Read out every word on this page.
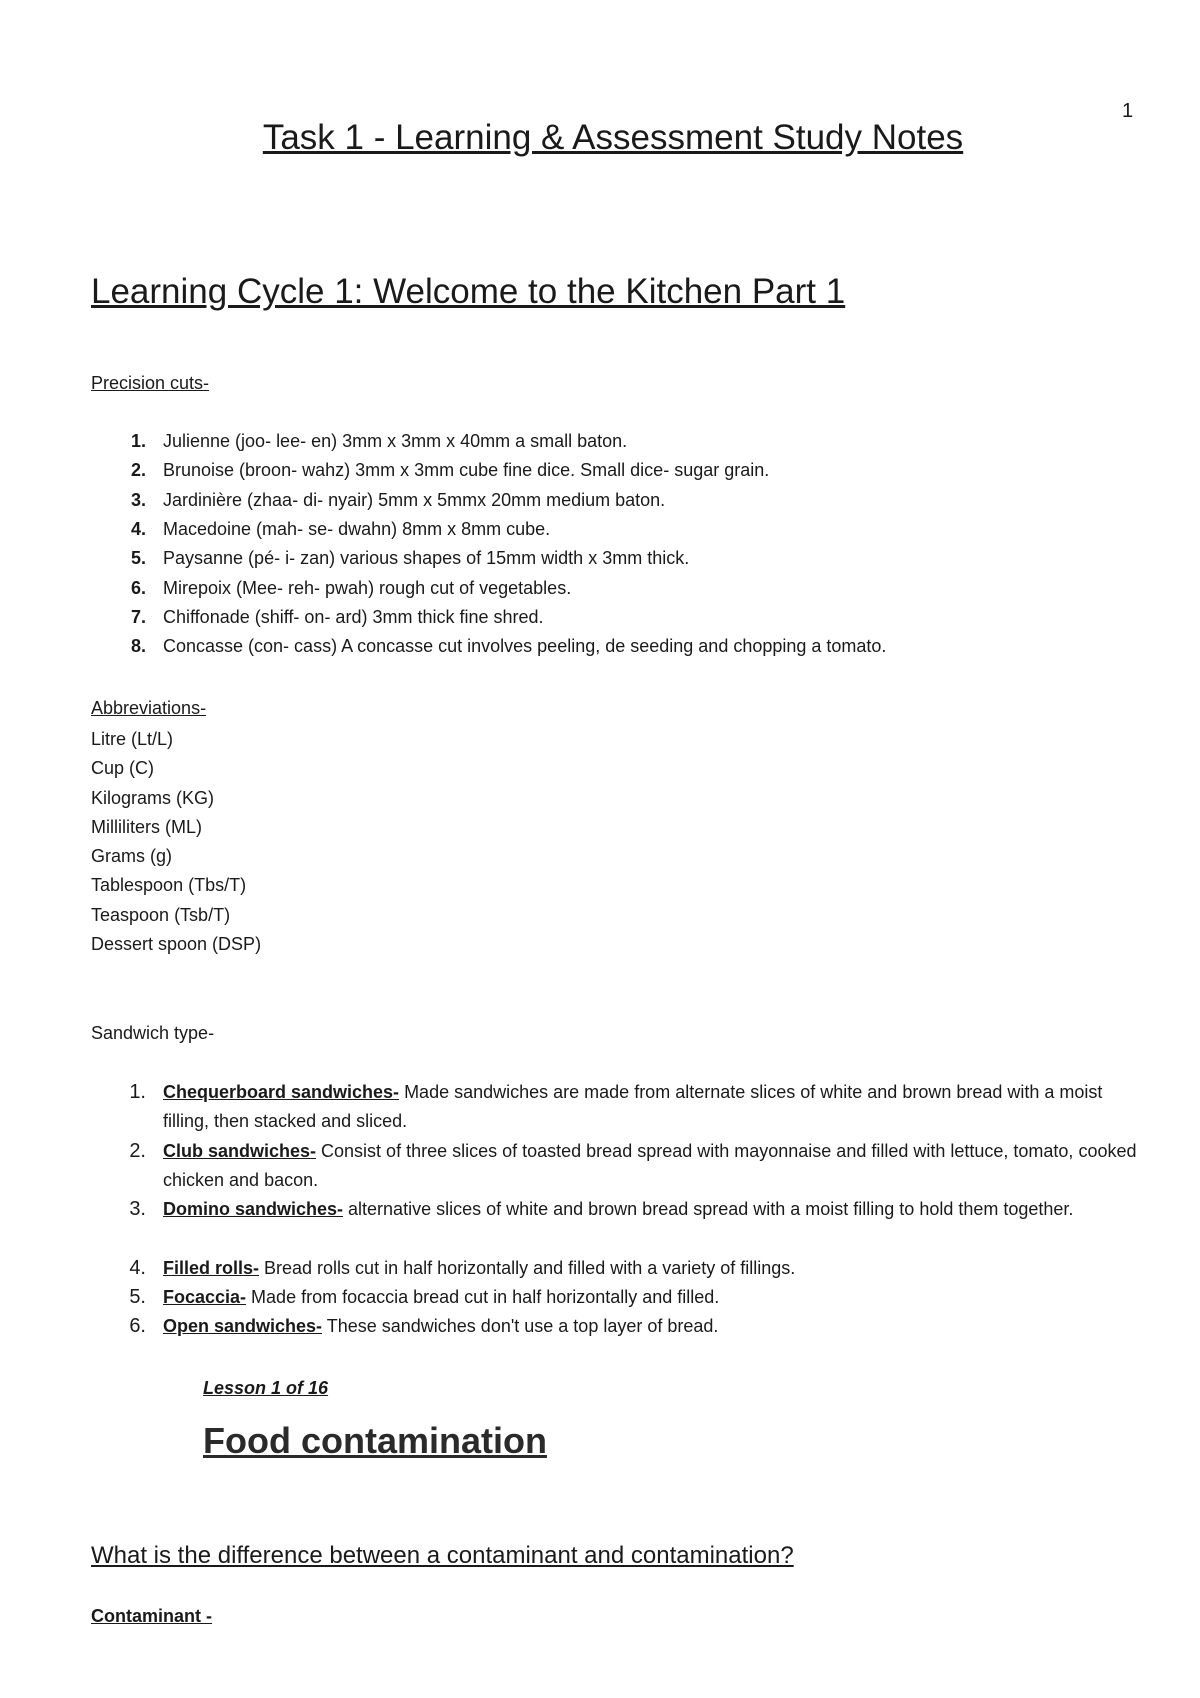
1
Task 1 - Learning & Assessment Study Notes
Learning Cycle 1: Welcome to the Kitchen Part 1
Precision cuts-
1. Julienne (joo- lee- en) 3mm x 3mm x 40mm a small baton.
2. Brunoise (broon- wahz) 3mm x 3mm cube fine dice. Small dice- sugar grain.
3. Jardinière (zhaa- di- nyair) 5mm x 5mmx 20mm medium baton.
4. Macedoine (mah- se- dwahn) 8mm x 8mm cube.
5. Paysanne (pé- i- zan) various shapes of 15mm width x 3mm thick.
6. Mirepoix (Mee- reh- pwah) rough cut of vegetables.
7. Chiffonade (shiff- on- ard) 3mm thick fine shred.
8. Concasse (con- cass) A concasse cut involves peeling, de seeding and chopping a tomato.
Abbreviations-
Litre (Lt/L)
Cup (C)
Kilograms (KG)
Milliliters (ML)
Grams (g)
Tablespoon (Tbs/T)
Teaspoon (Tsb/T)
Dessert spoon (DSP)
Sandwich type-
1. Chequerboard sandwiches- Made sandwiches are made from alternate slices of white and brown bread with a moist filling, then stacked and sliced.
2. Club sandwiches- Consist of three slices of toasted bread spread with mayonnaise and filled with lettuce, tomato, cooked chicken and bacon.
3. Domino sandwiches- alternative slices of white and brown bread spread with a moist filling to hold them together.
4. Filled rolls- Bread rolls cut in half horizontally and filled with a variety of fillings.
5. Focaccia- Made from focaccia bread cut in half horizontally and filled.
6. Open sandwiches- These sandwiches don't use a top layer of bread.
Lesson 1 of 16
Food contamination
What is the difference between a contaminant and contamination?
Contaminant -
